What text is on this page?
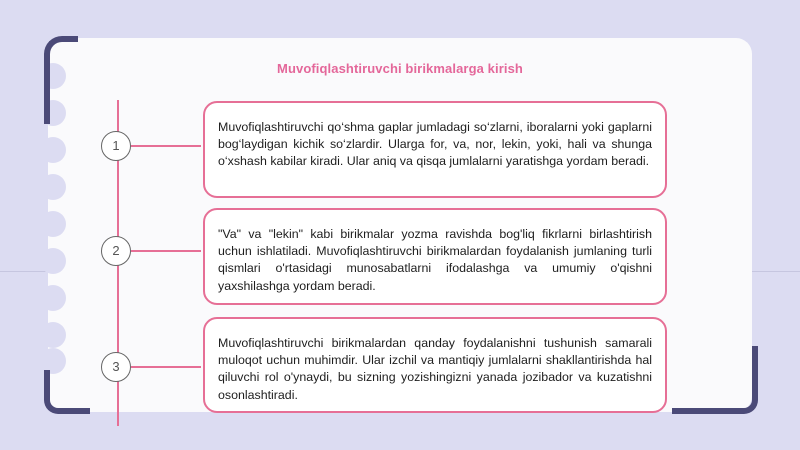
Muvofiqlashtiruvchi birikmalarga kirish
1
2
3
Muvofiqlashtiruvchi qo‘shma gaplar jumladagi so‘zlarni, iboralarni yoki gaplarni bog‘laydigan kichik so‘zlardir. Ularga for, va, nor, lekin, yoki, hali va shunga o‘xshash kabilar kiradi. Ular aniq va qisqa jumlalarni yaratishga yordam beradi.
"Va" va "lekin" kabi birikmalar yozma ravishda bog'liq fikrlarni birlashtirish uchun ishlatiladi. Muvofiqlashtiruvchi birikmalardan foydalanish jumlaning turli qismlari o'rtasidagi munosabatlarni ifodalashga va umumiy o'qishni yaxshilashga yordam beradi.
Muvofiqlashtiruvchi birikmalardan qanday foydalanishni tushunish samarali muloqot uchun muhimdir. Ular izchil va mantiqiy jumlalarni shakllantirishda hal qiluvchi rol o'ynaydi, bu sizning yozishingizni yanada jozibador va kuzatishni osonlashtiradi.
